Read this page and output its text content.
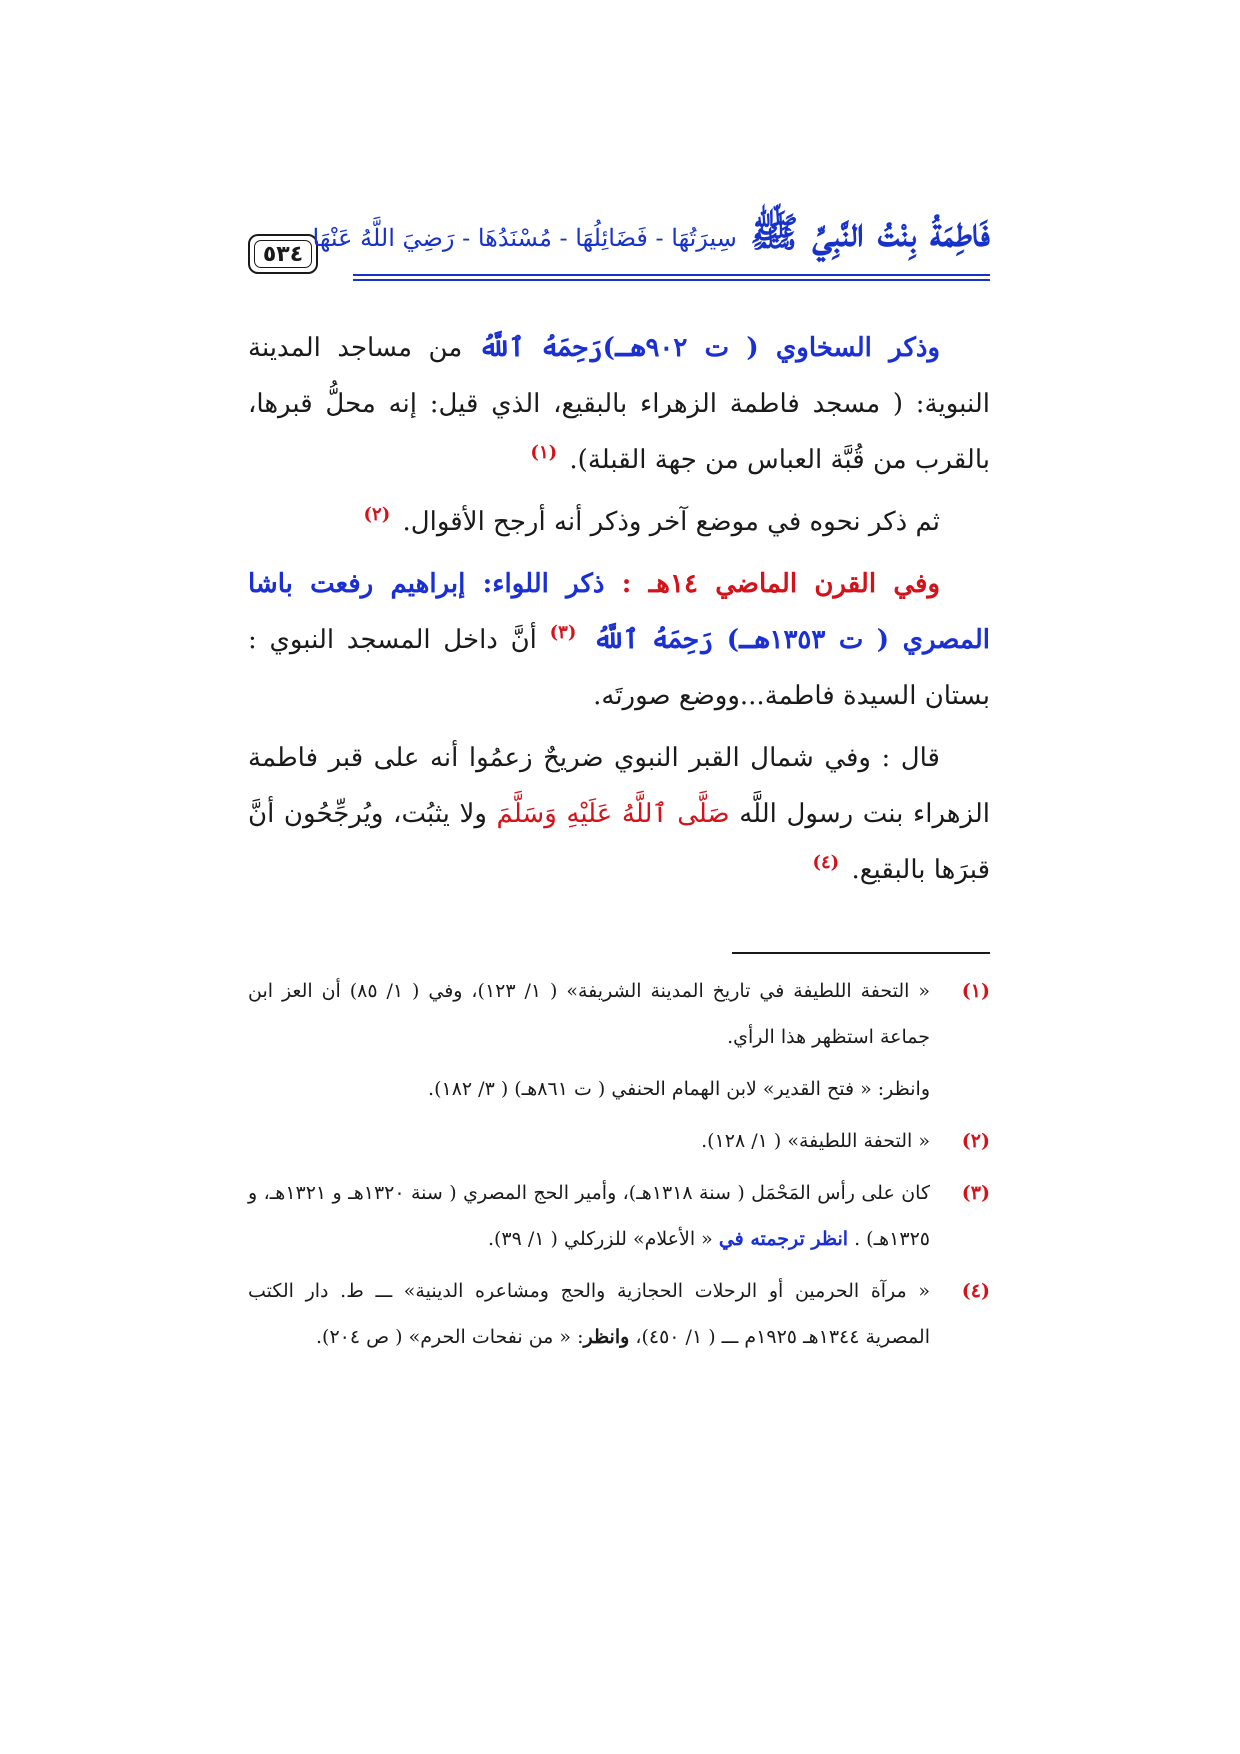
٥٣٤	فَاطِمَةُ بِنْتُ النَّبِيِّ ﷺ سِيرَتُهَا - فَضَائِلُهَا - مُسْنَدُهَا - رَضِيَ اللَّهُ عَنْهَا

وذكر السخاوي ( ت ٩٠٢هـ)رَحِمَهُ ٱللَّهُ من مساجد المدينة النبوية: ( مسجد فاطمة الزهراء بالبقيع، الذي قيل: إنه محلُّ قبرها، بالقرب من قُبَّة العباس من جهة القبلة). $^{(١)}$

ثم ذكر نحوه في موضع آخر وذكر أنه أرجح الأقوال. $^{(٢)}$

وفي القرن الماضي ١٤هـ : ذكر اللواء: إبراهيم رفعت باشا المصري ( ت ١٣٥٣هـ) رَحِمَهُ ٱللَّهُ $^{(٣)}$ أنَّ داخل المسجد النبوي : بستان السيدة فاطمة...ووضع صورتَه.

قال : وفي شمال القبر النبوي ضريحٌ زعمُوا أنه على قبر فاطمة الزهراء بنت رسول اللَّه صَلَّى ٱللَّهُ عَلَيْهِ وَسَلَّمَ ولا يثبُت، ويُرجِّحُون أنَّ قبرَها بالبقيع. $^{(٤)}$

(١)
« التحفة اللطيفة في تاريخ المدينة الشريفة» ( ١/ ١٢٣)، وفي ( ١/ ٨٥) أن العز ابن جماعة استظهر هذا الرأي.
وانظر: « فتح القدير» لابن الهمام الحنفي ( ت ٨٦١هـ) ( ٣/ ١٨٢).
(٢)
« التحفة اللطيفة» ( ١/ ١٢٨).
(٣)
كان على رأس المَحْمَل ( سنة ١٣١٨هـ)، وأمير الحج المصري ( سنة ١٣٢٠هـ و ١٣٢١هـ، و ١٣٢٥هـ) . انظر ترجمته في « الأعلام» للزركلي ( ١/ ٣٩).
(٤)
« مرآة الحرمين أو الرحلات الحجازية والحج ومشاعره الدينية» ـــ ط. دار الكتب المصرية ١٣٤٤هـ ١٩٢٥م ـــ ( ١/ ٤٥٠)، وانظر: « من نفحات الحرم» ( ص ٢٠٤).
